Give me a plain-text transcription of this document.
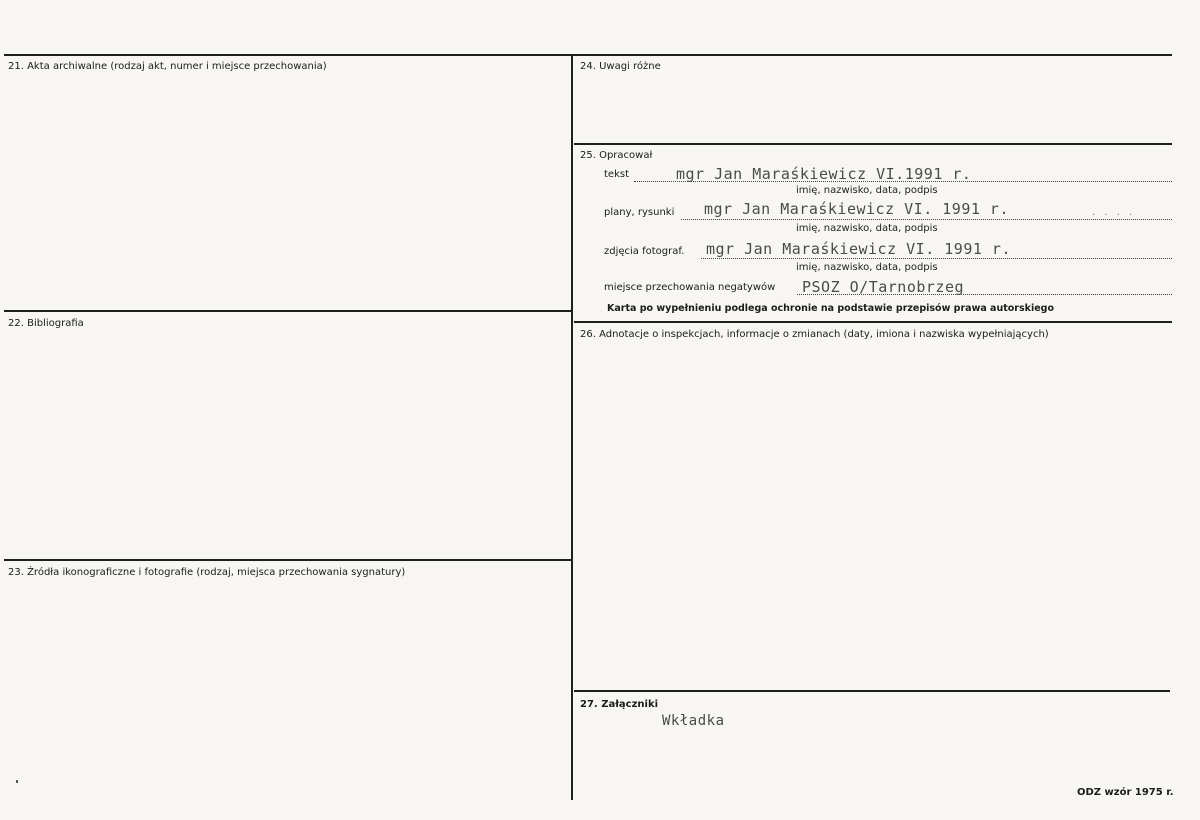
21. Akta archiwalne (rodzaj akt, numer i miejsce przechowania)
22. Bibliografia
23. Źródła ikonograficzne i fotografie (rodzaj, miejsca przechowania sygnatury)
24. Uwagi różne
25. Opracował
tekst	mgr Jan Maraśkiewicz VI.1991 r.
imię, nazwisko, data, podpis
plany, rysunki mgr Jan Maraśkiewicz VI. 1991 r.	. . . .
imię, nazwisko, data, podpis
zdjęcia fotograf. mgr Jan Maraśkiewicz VI. 1991 r.
imię, nazwisko, data, podpis
miejsce przechowania negatywów PSOZ O/Tarnobrzeg
Karta po wypełnieniu podlega ochronie na podstawie przepisów prawa autorskiego
26. Adnotacje o inspekcjach, informacje o zmianach (daty, imiona i nazwiska wypełniających)
27. Załączniki
Wkładka
ODZ wzór 1975 r.
